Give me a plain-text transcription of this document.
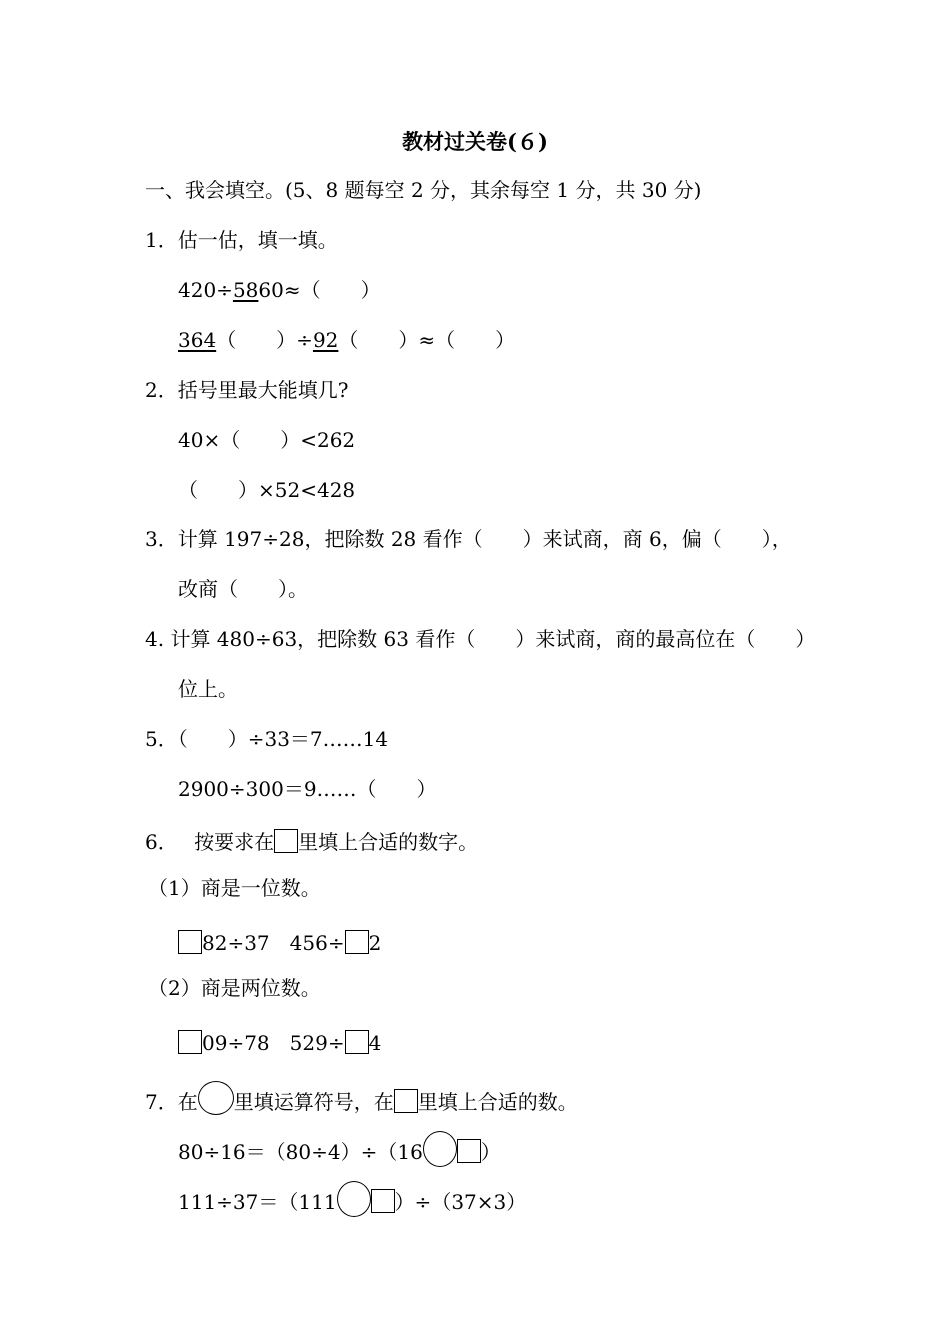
教材过关卷(６)
一、我会填空。(5、8 题每空 2 分，其余每空 1 分，共 30 分)
1．估一估，填一填。
420÷5860≈（　　）
364（　　）÷92（　　）≈（　　）
2．括号里最大能填几?
40×（　　）<262
（　　）×52<428
3．计算 197÷28，把除数 28 看作（　　）来试商，商 6，偏（　　），
改商（　　）。
4. 计算 480÷63，把除数 63 看作（　　）来试商，商的最高位在（　　）
位上。
5．（　　）÷33＝7……14
2900÷300＝9……（　　）
6．　 按要求在 里填上合适的数字。
（1）商是一位数。
82÷37　456÷ 2
（2）商是两位数。
09÷78　529÷ 4
7．在 里填运算符号，在 里填上合适的数。
80÷16＝（80÷4）÷（16	）
111÷37＝（111	）÷（37×3）
